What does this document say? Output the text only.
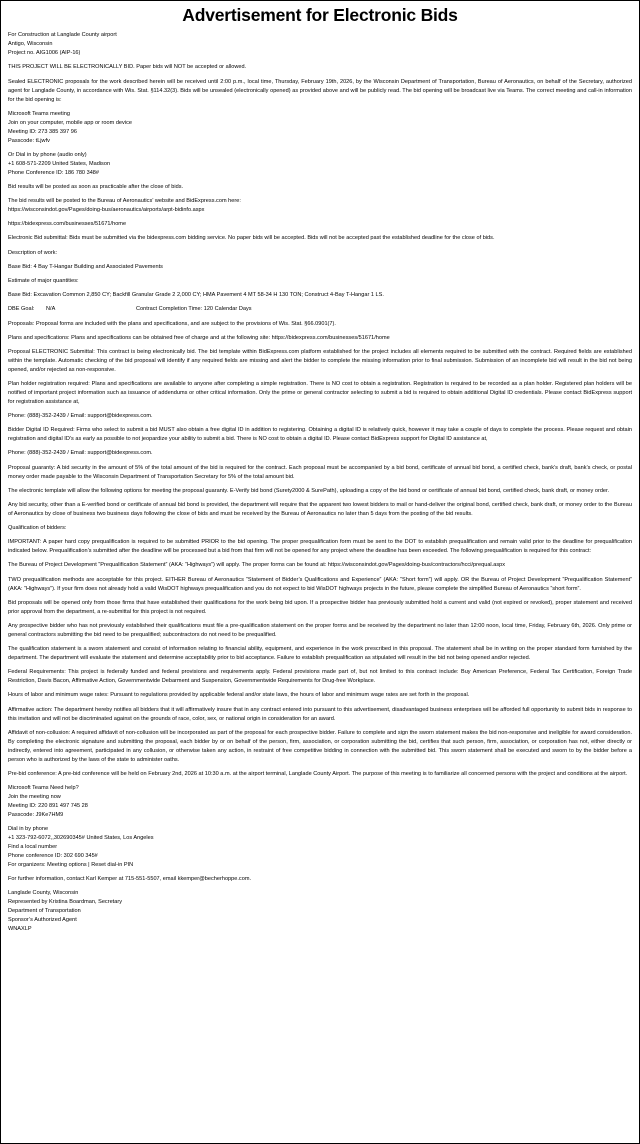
Advertisement for Electronic Bids

For Construction at Langlade County airport

Antigo, Wisconsin

Project no. AIG1006 (AIP-16)

THIS PROJECT WILL BE ELECTRONICALLY BID. Paper bids will NOT be accepted or allowed.

Sealed ELECTRONIC proposals for the work described herein will be received until 2:00 p.m., local time, Thursday, February 19th, 2026, by the Wisconsin Department of Transportation, Bureau of Aeronautics, on behalf of the Secretary, authorized agent for Langlade County, in accordance with Wis. Stat. §114.32(3). Bids will be unsealed (electronically opened) as provided above and will be publicly read. The bid opening will be broadcast live via Teams. The correct meeting and call-in information for the bid opening is:

Microsoft Teams meeting

Join on your computer, mobile app or room device

Meeting ID: 273 385 397 96

Passcode: tLjwfv

Or Dial in by phone (audio only)

+1 608-571-2209 United States, Madison

Phone Conference ID: 186 780 348#

Bid results will be posted as soon as practicable after the close of bids.

The bid results will be posted to the Bureau of Aeronautics’ website and BidExpress.com here:

https://wisconsindot.gov/Pages/doing-bus/aeronautics/airports/arpt-bidinfo.aspx

https://bidexpress.com/businesses/51671/home

Electronic Bid submittal: Bids must be submitted via the bidexpress.com bidding service. No paper bids will be accepted. Bids will not be accepted past the established deadline for the close of bids.

Description of work:

Base Bid: 4 Bay T-Hangar Building and Associated Pavements

Estimate of major quantities:

Base Bid: Excavation Common 2,850 CY; Backfill Granular Grade 2 2,000 CY; HMA Pavement 4 MT 58-34 H 130 TON; Construct 4-Bay T-Hangar 1 LS.

DBE Goal: N/A	Contract Completion Time: 120 Calendar Days

Proposals: Proposal forms are included with the plans and specifications, and are subject to the provisions of Wis. Stat. §66.0901(7).

Plans and specifications: Plans and specifications can be obtained free of charge and at the following site: https://bidexpress.com/businesses/51671/home

Proposal ELECTRONIC Submittal: This contract is being electronically bid. The bid template within BidExpress.com platform established for the project includes all elements required to be submitted with the contract. Required fields are established within the template. Automatic checking of the bid proposal will identify if any required fields are missing and alert the bidder to complete the missing information prior to final submission. Submission of an incomplete bid will result in the bid not being opened, and/or rejected as non-responsive.

Plan holder registration required: Plans and specifications are available to anyone after completing a simple registration. There is NO cost to obtain a registration. Registration is required to be recorded as a plan holder. Registered plan holders will be notified of important project information such as issuance of addendums or other critical information. Only the prime or general contractor selecting to submit a bid is required to obtain additional Digital ID credentials. Please contact BidExpress support for registration assistance at,

Phone: (888)-352-2439 / Email: support@bidexpress.com.

Bidder Digital ID Required: Firms who select to submit a bid MUST also obtain a free digital ID in addition to registering. Obtaining a digital ID is relatively quick, however it may take a couple of days to complete the process. Please request and obtain registration and digital ID’s as early as possible to not jeopardize your ability to submit a bid. There is NO cost to obtain a digital ID. Please contact BidExpress support for Digital ID assistance at,

Phone: (888)-352-2439 / Email: support@bidexpress.com.

Proposal guaranty: A bid security in the amount of 5% of the total amount of the bid is required for the contract. Each proposal must be accompanied by a bid bond, certificate of annual bid bond, a certified check, bank’s draft, bank’s check, or postal money order made payable to the Wisconsin Department of Transportation Secretary for 5% of the total amount bid.

The electronic template will allow the following options for meeting the proposal guaranty. E-Verify bid bond (Surety2000 & SurePath), uploading a copy of the bid bond or certificate of annual bid bond, certified check, bank draft, or money order.

Any bid security, other than a E-verified bond or certificate of annual bid bond is provided, the department will require that the apparent two lowest bidders to mail or hand-deliver the original bond, certified check, bank draft, or money order to the Bureau of Aeronautics by close of business two business days following the close of bids and must be received by the Bureau of Aeronautics no later than 5 days from the posting of the bid results.

Qualification of bidders:

IMPORTANT: A paper hard copy prequalification is required to be submitted PRIOR to the bid opening. The proper prequalification form must be sent to the DOT to establish prequalification and remain valid prior to the deadline for prequalification indicated below. Prequalification’s submitted after the deadline will be processed but a bid from that firm will not be opened for any project where the deadline has been exceeded. The following prequalification is required for this contract:

The Bureau of Project Development “Prequalification Statement” (AKA: “Highways”) will apply. The proper forms can be found at: https://wisconsindot.gov/Pages/doing-bus/contractors/hcci/prequal.aspx

TWO prequalification methods are acceptable for this project. EITHER Bureau of Aeronautics “Statement of Bidder’s Qualifications and Experience” (AKA: “Short form”) will apply. OR the Bureau of Project Development “Prequalification Statement” (AKA: “Highways”). If your firm does not already hold a valid WisDOT highways prequalification and you do not expect to bid WisDOT highways projects in the future, please complete the simplified Bureau of Aeronautics “short form”.

Bid proposals will be opened only from those firms that have established their qualifications for the work being bid upon. If a prospective bidder has previously submitted hold a current and valid (not expired or revoked), proper statement and received prior approval from the department, a re-submittal for this project is not required.

Any prospective bidder who has not previously established their qualifications must file a pre-qualification statement on the proper forms and be received by the department no later than 12:00 noon, local time, Friday, February 6th, 2026. Only prime or general contractors submitting the bid need to be prequalified; subcontractors do not need to be prequalified.

The qualification statement is a sworn statement and consist of information relating to financial ability, equipment, and experience in the work prescribed in this proposal. The statement shall be in writing on the proper standard form furnished by the department. The department will evaluate the statement and determine acceptability prior to bid acceptance. Failure to establish prequalification as stipulated will result in the bid not being opened and/or rejected.

Federal Requirements: This project is federally funded and federal provisions and requirements apply. Federal provisions made part of, but not limited to this contract include: Buy American Preference, Federal Tax Certification, Foreign Trade Restriction, Davis Bacon, Affirmative Action, Governmentwide Debarment and Suspension, Governmentwide Requirements for Drug-free Workplace.

Hours of labor and minimum wage rates: Pursuant to regulations provided by applicable federal and/or state laws, the hours of labor and minimum wage rates are set forth in the proposal.

Affirmative action: The department hereby notifies all bidders that it will affirmatively insure that in any contract entered into pursuant to this advertisement, disadvantaged business enterprises will be afforded full opportunity to submit bids in response to this invitation and will not be discriminated against on the grounds of race, color, sex, or national origin in consideration for an award.

Affidavit of non-collusion: A required affidavit of non-collusion will be incorporated as part of the proposal for each prospective bidder. Failure to complete and sign the sworn statement makes the bid non-responsive and ineligible for award consideration. By completing the electronic signature and submitting the proposal, each bidder by or on behalf of the person, firm, association, or corporation submitting the bid, certifies that such person, firm, association, or corporation has not, either directly or indirectly, entered into agreement, participated in any collusion, or otherwise taken any action, in restraint of free competitive bidding in connection with the submitted bid. This sworn statement shall be executed and sworn to by the bidder before a person who is authorized by the laws of the state to administer oaths.

Pre-bid conference: A pre-bid conference will be held on February 2nd, 2026 at 10:30 a.m. at the airport terminal, Langlade County Airport. The purpose of this meeting is to familiarize all concerned persons with the project and conditions at the airport.

Microsoft Teams Need help?

Join the meeting now

Meeting ID: 220 891 497 745 28

Passcode: J9Ke7HM9

Dial in by phone

+1 323-792-6072,,302690345# United States, Los Angeles

Find a local number

Phone conference ID: 302 690 345#

For organizers: Meeting options | Reset dial-in PIN

For further information, contact Karl Kemper at 715-551-5507, email kkemper@becherhoppe.com.

Langlade County, Wisconsin

Represented by Kristina Boardman, Secretary

Department of Transportation

Sponsor’s Authorized Agent

WNAXLP
